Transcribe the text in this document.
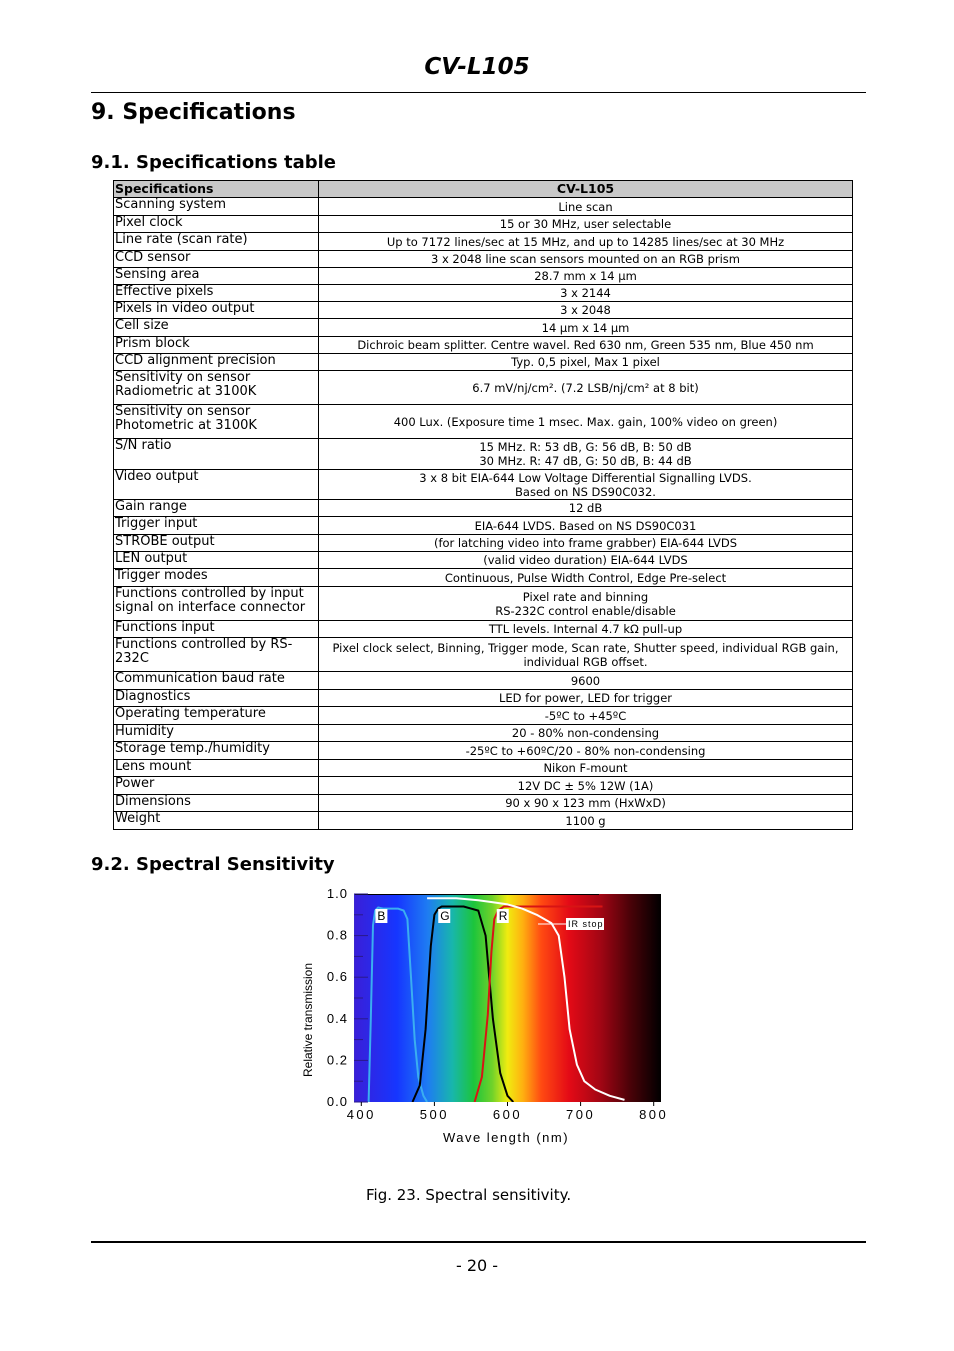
CV-L105
9. Specifications
9.1. Specifications table
Specifications	CV-L105
Scanning system	Line scan
Pixel clock	15 or 30 MHz, user selectable
Line rate (scan rate)	Up to 7172 lines/sec at 15 MHz, and up to 14285 lines/sec at 30 MHz
CCD sensor	3 x 2048 line scan sensors mounted on an RGB prism
Sensing area	28.7 mm x 14 µm
Effective pixels	3 x 2144
Pixels in video output	3 x 2048
Cell size	14 µm x 14 µm
Prism block	Dichroic beam splitter. Centre wavel. Red 630 nm, Green 535 nm, Blue 450 nm
CCD alignment precision	Typ. 0,5 pixel, Max 1 pixel
Sensitivity on sensor
Radiometric at 3100K	6.7 mV/nj/cm². (7.2 LSB/nj/cm² at 8 bit)
Sensitivity on sensor
Photometric at 3100K	400 Lux. (Exposure time 1 msec. Max. gain, 100% video on green)
S/N ratio	15 MHz. R: 53 dB, G: 56 dB, B: 50 dB
30 MHz. R: 47 dB, G: 50 dB, B: 44 dB
Video output	3 x 8 bit EIA-644 Low Voltage Differential Signalling LVDS.
Based on NS DS90C032.
Gain range	12 dB
Trigger input	EIA-644 LVDS. Based on NS DS90C031
STROBE output	(for latching video into frame grabber) EIA-644 LVDS
LEN output	(valid video duration) EIA-644 LVDS
Trigger modes	Continuous, Pulse Width Control, Edge Pre-select
Functions controlled by input signal on interface connector	Pixel rate and binning
RS-232C control enable/disable
Functions input	TTL levels. Internal 4.7 kΩ pull-up
Functions controlled by RS-232C	Pixel clock select, Binning, Trigger mode, Scan rate, Shutter speed, individual RGB gain, individual RGB offset.
Communication baud rate	9600
Diagnostics	LED for power, LED for trigger
Operating temperature	-5ºC to +45ºC
Humidity	20 - 80% non-condensing
Storage temp./humidity	-25ºC to +60ºC/20 - 80% non-condensing
Lens mount	Nikon F-mount
Power	12V DC ± 5% 12W (1A)
Dimensions	90 x 90 x 123 mm (HxWxD)
Weight	1100 g
9.2. Spectral Sensitivity
0.0
0.2
0.4
0.6
0.8
1.0
400	500	600	700	800
B	G	R
IR stop
Wave length (nm)
Relative transmission
Fig. 23. Spectral sensitivity.
- 20 -
